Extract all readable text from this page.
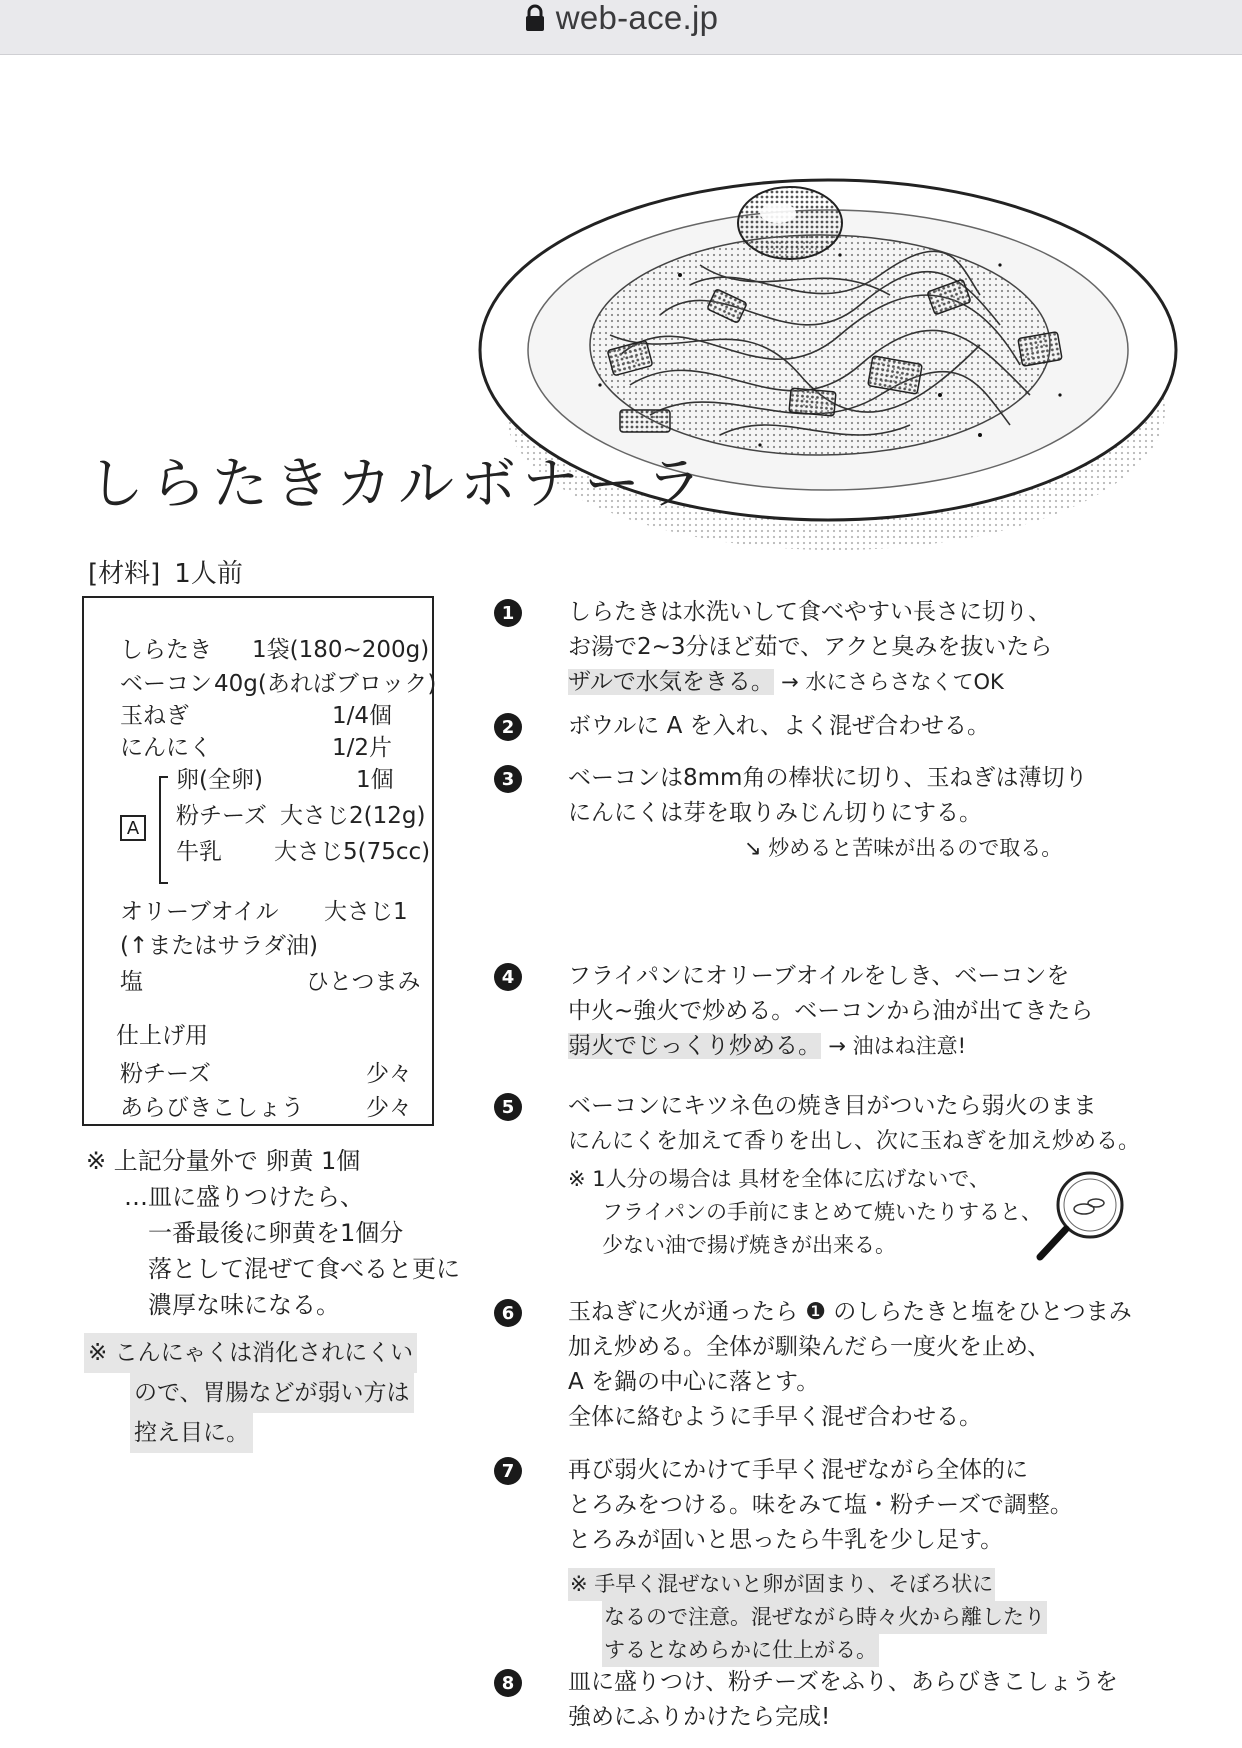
web-ace.jp
しらたきカルボナーラ
[材料] 1人前
しらたき 1袋(180~200g)
ベーコン 40g(あればブロック)
玉ねぎ	1/4個
にんにく	1/2片
A
卵(全卵)	1個
粉チーズ 大さじ2(12g)
牛乳 大さじ5(75cc)
オリーブオイル 大さじ1
(↑またはサラダ油)
塩	ひとつまみ
仕上げ用
粉チーズ	少々
あらびきこしょう	少々
※ 上記分量外で 卵黄 1個
…皿に盛りつけたら、
一番最後に卵黄を1個分
落として混ぜて食べると更に
濃厚な味になる。
※ こんにゃくは消化されにくい
ので、胃腸などが弱い方は
控え目に。
1	しらたきは水洗いして食べやすい長さに切り、
お湯で2~3分ほど茹で、アクと臭みを抜いたら
ザルで水気をきる。 → 水にさらさなくてOK
2	ボウルに A を入れ、よく混ぜ合わせる。
3	ベーコンは8mm角の棒状に切り、玉ねぎは薄切り
にんにくは芽を取りみじん切りにする。
↘ 炒めると苦味が出るので取る。
4	フライパンにオリーブオイルをしき、ベーコンを
中火~強火で炒める。ベーコンから油が出てきたら
弱火でじっくり炒める。 → 油はね注意!
5	ベーコンにキツネ色の焼き目がついたら弱火のまま
にんにくを加えて香りを出し、次に玉ねぎを加え炒める。
※ 1人分の場合は 具材を全体に広げないで、
フライパンの手前にまとめて焼いたりすると、
少ない油で揚げ焼きが出来る。
6	玉ねぎに火が通ったら ❶ のしらたきと塩をひとつまみ
加え炒める。全体が馴染んだら一度火を止め、
A を鍋の中心に落とす。
全体に絡むように手早く混ぜ合わせる。
7	再び弱火にかけて手早く混ぜながら全体的に
とろみをつける。味をみて塩・粉チーズで調整。
とろみが固いと思ったら牛乳を少し足す。
※ 手早く混ぜないと卵が固まり、そぼろ状に
なるので注意。混ぜながら時々火から離したり
するとなめらかに仕上がる。
8	皿に盛りつけ、粉チーズをふり、あらびきこしょうを
強めにふりかけたら完成!
